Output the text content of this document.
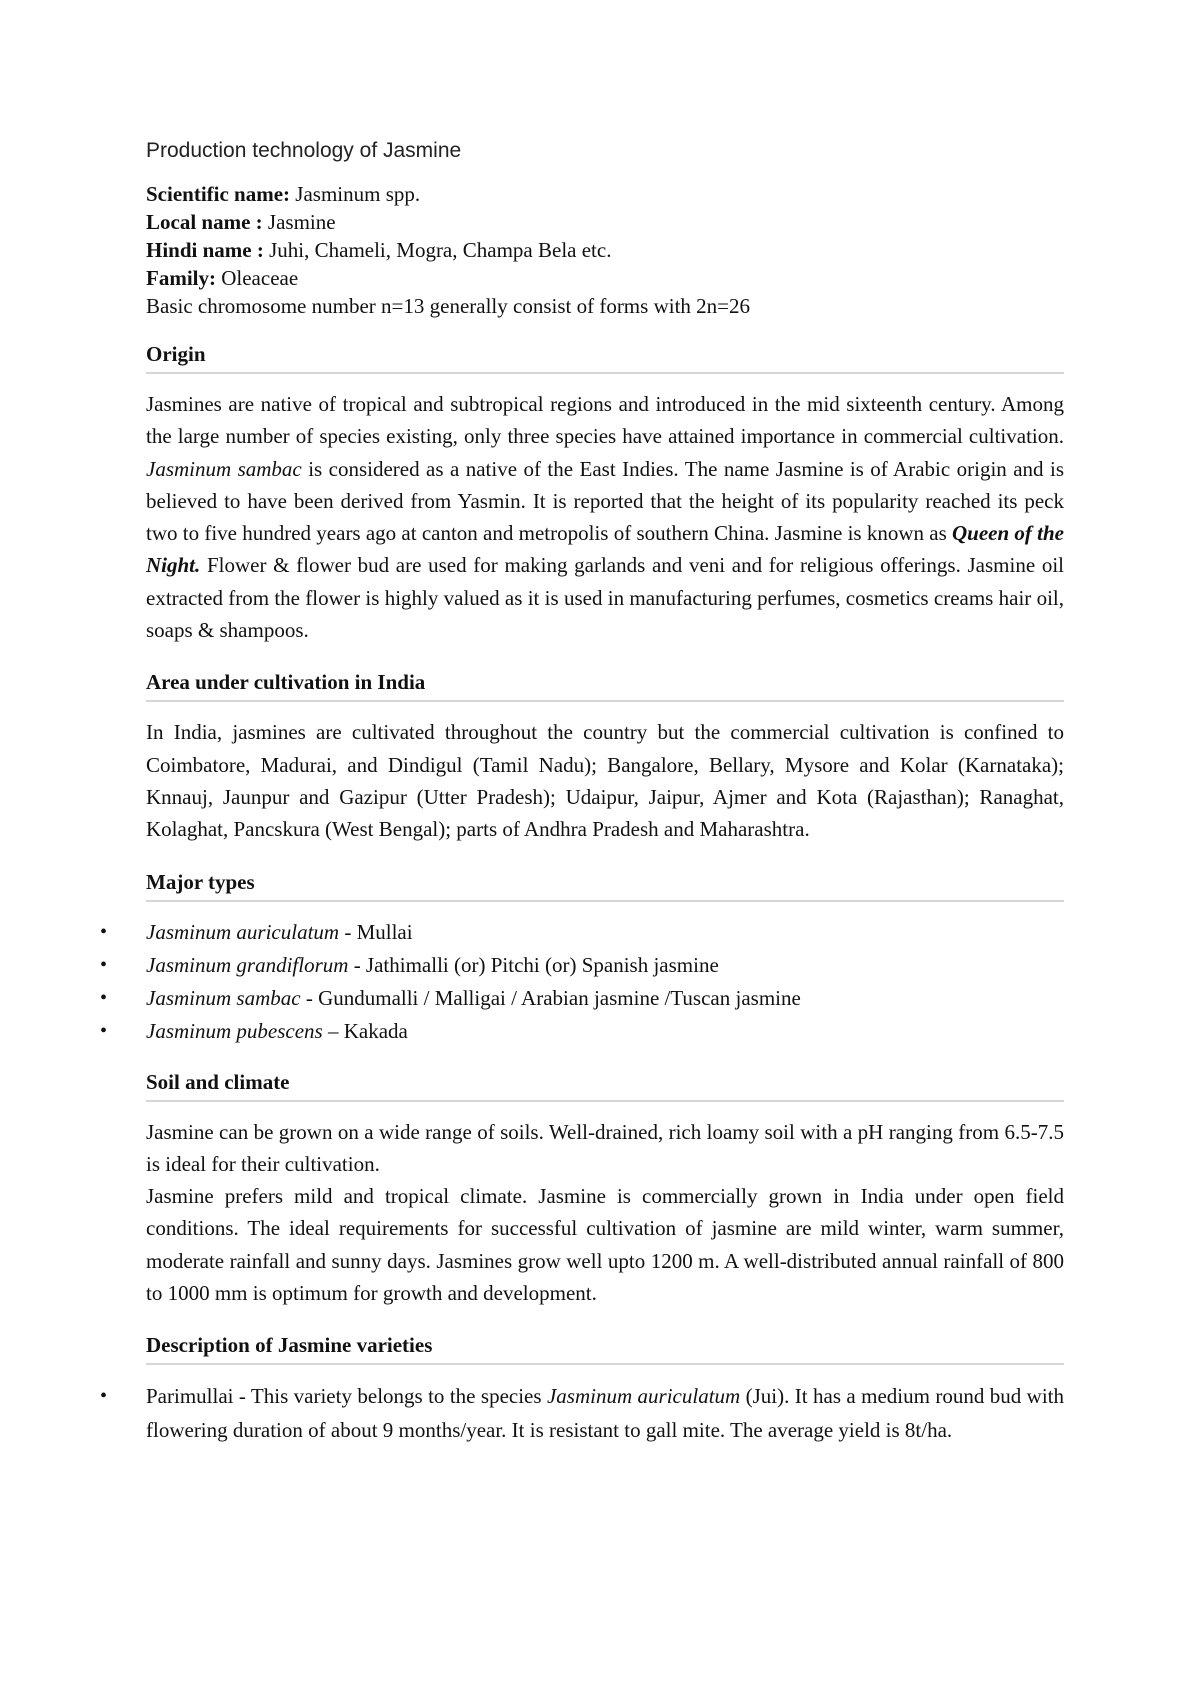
Production technology of Jasmine
Scientific name: Jasminum spp.
Local name : Jasmine
Hindi name : Juhi, Chameli, Mogra, Champa Bela etc.
Family: Oleaceae
Basic chromosome number n=13 generally consist of forms with 2n=26
Origin

Jasmines are native of tropical and subtropical regions and introduced in the mid sixteenth century. Among the large number of species existing, only three species have attained importance in commercial cultivation. Jasminum sambac is considered as a native of the East Indies. The name Jasmine is of Arabic origin and is believed to have been derived from Yasmin. It is reported that the height of its popularity reached its peck two to five hundred years ago at canton and metropolis of southern China. Jasmine is known as Queen of the Night. Flower & flower bud are used for making garlands and veni and for religious offerings. Jasmine oil extracted from the flower is highly valued as it is used in manufacturing perfumes, cosmetics creams hair oil, soaps & shampoos.

Area under cultivation in India

In India, jasmines are cultivated throughout the country but the commercial cultivation is confined to Coimbatore, Madurai, and Dindigul (Tamil Nadu); Bangalore, Bellary, Mysore and Kolar (Karnataka); Knnauj, Jaunpur and Gazipur (Utter Pradesh); Udaipur, Jaipur, Ajmer and Kota (Rajasthan); Ranaghat, Kolaghat, Pancskura (West Bengal); parts of Andhra Pradesh and Maharashtra.

Major types
• Jasminum auriculatum - Mullai
• Jasminum grandiflorum - Jathimalli (or) Pitchi (or) Spanish jasmine
• Jasminum sambac - Gundumalli / Malligai / Arabian jasmine /Tuscan jasmine
• Jasminum pubescens – Kakada
Soil and climate

Jasmine can be grown on a wide range of soils. Well-drained, rich loamy soil with a pH ranging from 6.5-7.5 is ideal for their cultivation.

Jasmine prefers mild and tropical climate. Jasmine is commercially grown in India under open field conditions. The ideal requirements for successful cultivation of jasmine are mild winter, warm summer, moderate rainfall and sunny days. Jasmines grow well upto 1200 m. A well-distributed annual rainfall of 800 to 1000 mm is optimum for growth and development.

Description of Jasmine varieties
• Parimullai - This variety belongs to the species Jasminum auriculatum (Jui). It has a medium round bud with flowering duration of about 9 months/year. It is resistant to gall mite. The average yield is 8t/ha.
